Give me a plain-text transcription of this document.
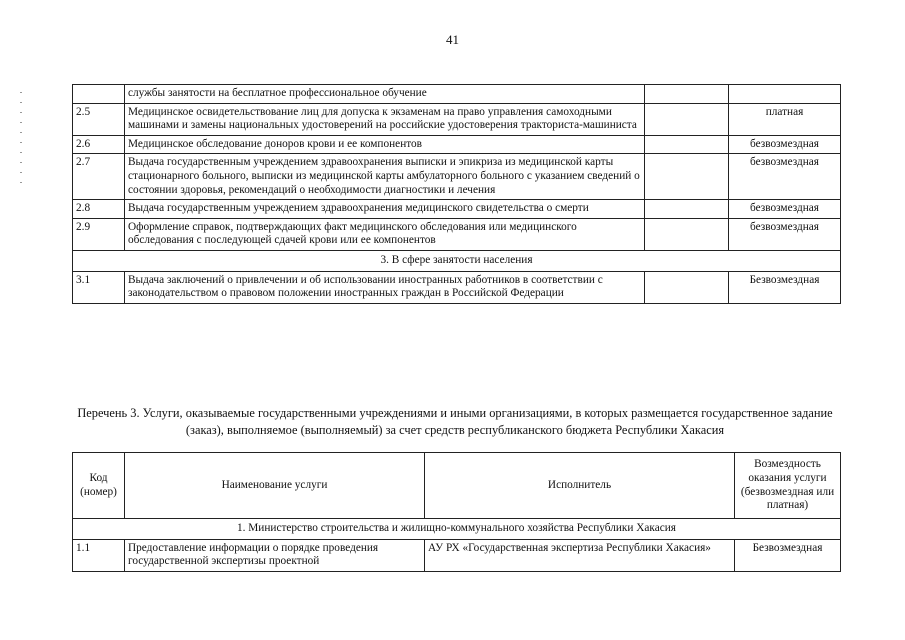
41
	службы занятости на бесплатное профессиональное обучение		
2.5	Медицинское освидетельствование лиц для допуска к экзаменам на право управления самоходными машинами и замены национальных удостоверений на российские удостоверения тракториста-машиниста		платная
2.6	Медицинское обследование доноров крови и ее компонентов		безвозмездная
2.7	Выдача государственным учреждением здравоохранения выписки и эпикриза из медицинской карты стационарного больного, выписки из медицинской карты амбулаторного больного с указанием сведений о состоянии здоровья, рекомендаций о необходимости диагностики и лечения		безвозмездная
2.8	Выдача государственным учреждением здравоохранения медицинского свидетельства о смерти		безвозмездная
2.9	Оформление справок, подтверждающих факт медицинского обследования или медицинского обследования с последующей сдачей крови или ее компонентов		безвозмездная
3. В сфере занятости населения			
3.1	Выдача заключений о привлечении и об использовании иностранных работников в соответствии с законодательством о правовом положении иностранных граждан в Российской Федерации		Безвозмездная
Перечень 3. Услуги, оказываемые государственными учреждениями и иными организациями, в которых размещается государственное задание (заказ), выполняемое (выполняемый) за счет средств республиканского бюджета Республики Хакасия
Код (номер)	Наименование услуги	Исполнитель	Возмездность оказания услуги (безвозмездная или платная)
1. Министерство строительства и жилищно-коммунального хозяйства Республики Хакасия			
1.1	Предоставление информации о порядке проведения государственной экспертизы проектной	АУ РХ «Государственная экспертиза Республики Хакасия»	Безвозмездная
